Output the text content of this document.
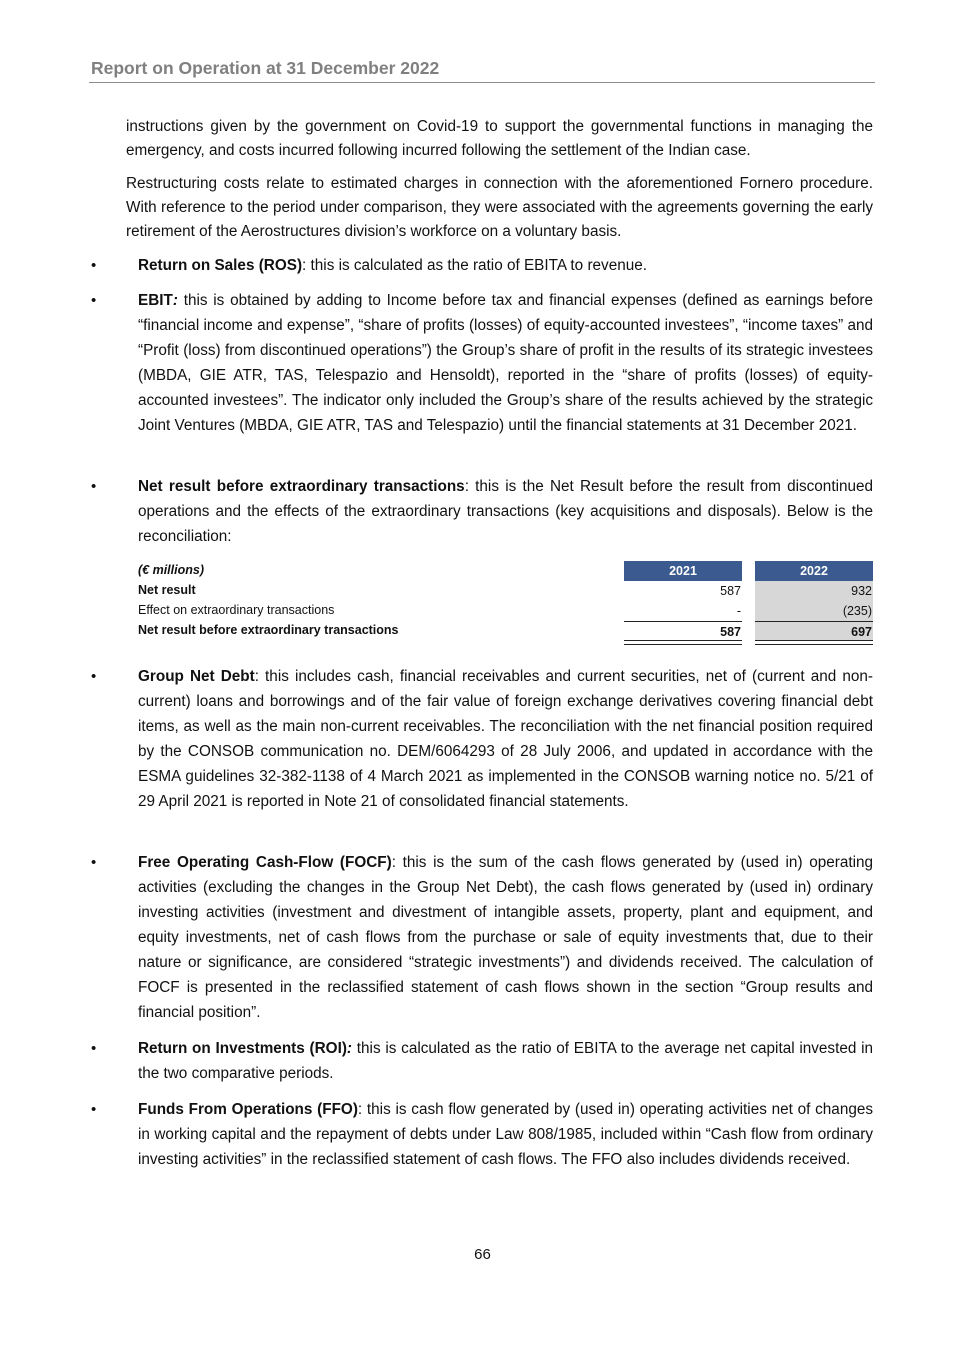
Report on Operation at 31 December 2022

instructions given by the government on Covid-19 to support the governmental functions in managing the emergency, and costs incurred following incurred following the settlement of the Indian case.

Restructuring costs relate to estimated charges in connection with the aforementioned Fornero procedure. With reference to the period under comparison, they were associated with the agreements governing the early retirement of the Aerostructures division’s workforce on a voluntary basis.

•	Return on Sales (ROS): this is calculated as the ratio of EBITA to revenue.

•	EBIT: this is obtained by adding to Income before tax and financial expenses (defined as earnings before “financial income and expense”, “share of profits (losses) of equity-accounted investees”, “income taxes” and “Profit (loss) from discontinued operations”) the Group’s share of profit in the results of its strategic investees (MBDA, GIE ATR, TAS, Telespazio and Hensoldt), reported in the “share of profits (losses) of equity-accounted investees”. The indicator only included the Group’s share of the results achieved by the strategic Joint Ventures (MBDA, GIE ATR, TAS and Telespazio) until the financial statements at 31 December 2021.

•	Net result before extraordinary transactions: this is the Net Result before the result from discontinued operations and the effects of the extraordinary transactions (key acquisitions and disposals). Below is the reconciliation:

(€ millions)	2021	2022
Net result	587	932
Effect on extraordinary transactions	-	(235)
Net result before extraordinary transactions	587	697
•	Group Net Debt: this includes cash, financial receivables and current securities, net of (current and non-current) loans and borrowings and of the fair value of foreign exchange derivatives covering financial debt items, as well as the main non-current receivables. The reconciliation with the net financial position required by the CONSOB communication no. DEM/6064293 of 28 July 2006, and updated in accordance with the ESMA guidelines 32-382-1138 of 4 March 2021 as implemented in the CONSOB warning notice no. 5/21 of 29 April 2021 is reported in Note 21 of consolidated financial statements.

•	Free Operating Cash-Flow (FOCF): this is the sum of the cash flows generated by (used in) operating activities (excluding the changes in the Group Net Debt), the cash flows generated by (used in) ordinary investing activities (investment and divestment of intangible assets, property, plant and equipment, and equity investments, net of cash flows from the purchase or sale of equity investments that, due to their nature or significance, are considered “strategic investments”) and dividends received. The calculation of FOCF is presented in the reclassified statement of cash flows shown in the section “Group results and financial position”.

•	Return on Investments (ROI): this is calculated as the ratio of EBITA to the average net capital invested in the two comparative periods.

•	Funds From Operations (FFO): this is cash flow generated by (used in) operating activities net of changes in working capital and the repayment of debts under Law 808/1985, included within “Cash flow from ordinary investing activities” in the reclassified statement of cash flows. The FFO also includes dividends received.

66
